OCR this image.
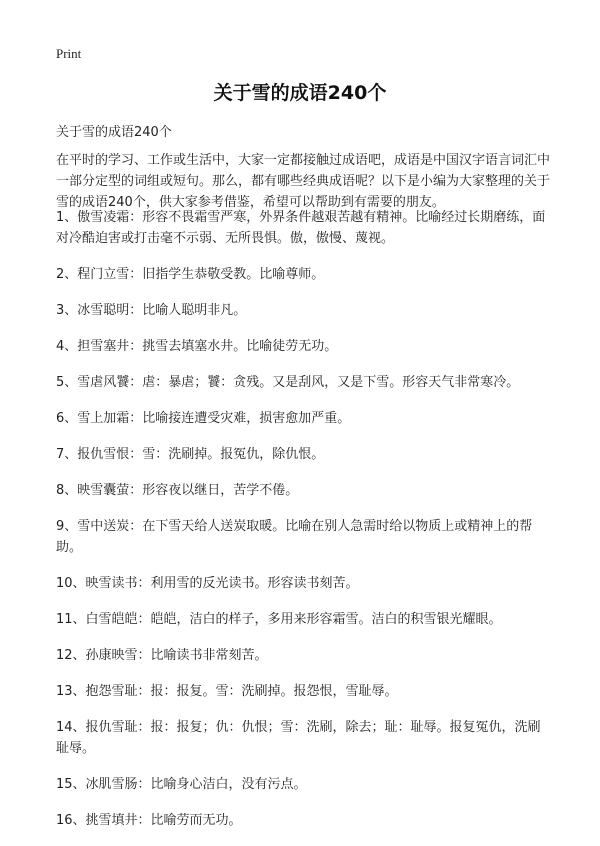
Print
关于雪的成语240个
关于雪的成语240个

在平时的学习、工作或生活中，大家一定都接触过成语吧，成语是中国汉字语言词汇中一部分定型的词组或短句。那么，都有哪些经典成语呢？以下是小编为大家整理的关于雪的成语240个，供大家参考借鉴，希望可以帮助到有需要的朋友。

1、傲雪凌霜：形容不畏霜雪严寒，外界条件越艰苦越有精神。比喻经过长期磨练，面对冷酷迫害或打击毫不示弱、无所畏惧。傲，傲慢、蔑视。
2、程门立雪：旧指学生恭敬受教。比喻尊师。
3、冰雪聪明：比喻人聪明非凡。
4、担雪塞井：挑雪去填塞水井。比喻徒劳无功。
5、雪虐风饕：虐：暴虐；饕：贪残。又是刮风，又是下雪。形容天气非常寒冷。
6、雪上加霜：比喻接连遭受灾难，损害愈加严重。
7、报仇雪恨：雪：洗刷掉。报冤仇，除仇恨。
8、映雪囊萤：形容夜以继日，苦学不倦。
9、雪中送炭：在下雪天给人送炭取暖。比喻在别人急需时给以物质上或精神上的帮助。
10、映雪读书：利用雪的反光读书。形容读书刻苦。
11、白雪皑皑：皑皑，洁白的样子，多用来形容霜雪。洁白的积雪银光耀眼。
12、孙康映雪：比喻读书非常刻苦。
13、抱怨雪耻：报：报复。雪：洗刷掉。报怨恨，雪耻辱。
14、报仇雪耻：报：报复；仇：仇恨；雪：洗刷，除去；耻：耻辱。报复冤仇，洗刷耻辱。
15、冰肌雪肠：比喻身心洁白，没有污点。
16、挑雪填井：比喻劳而无功。
